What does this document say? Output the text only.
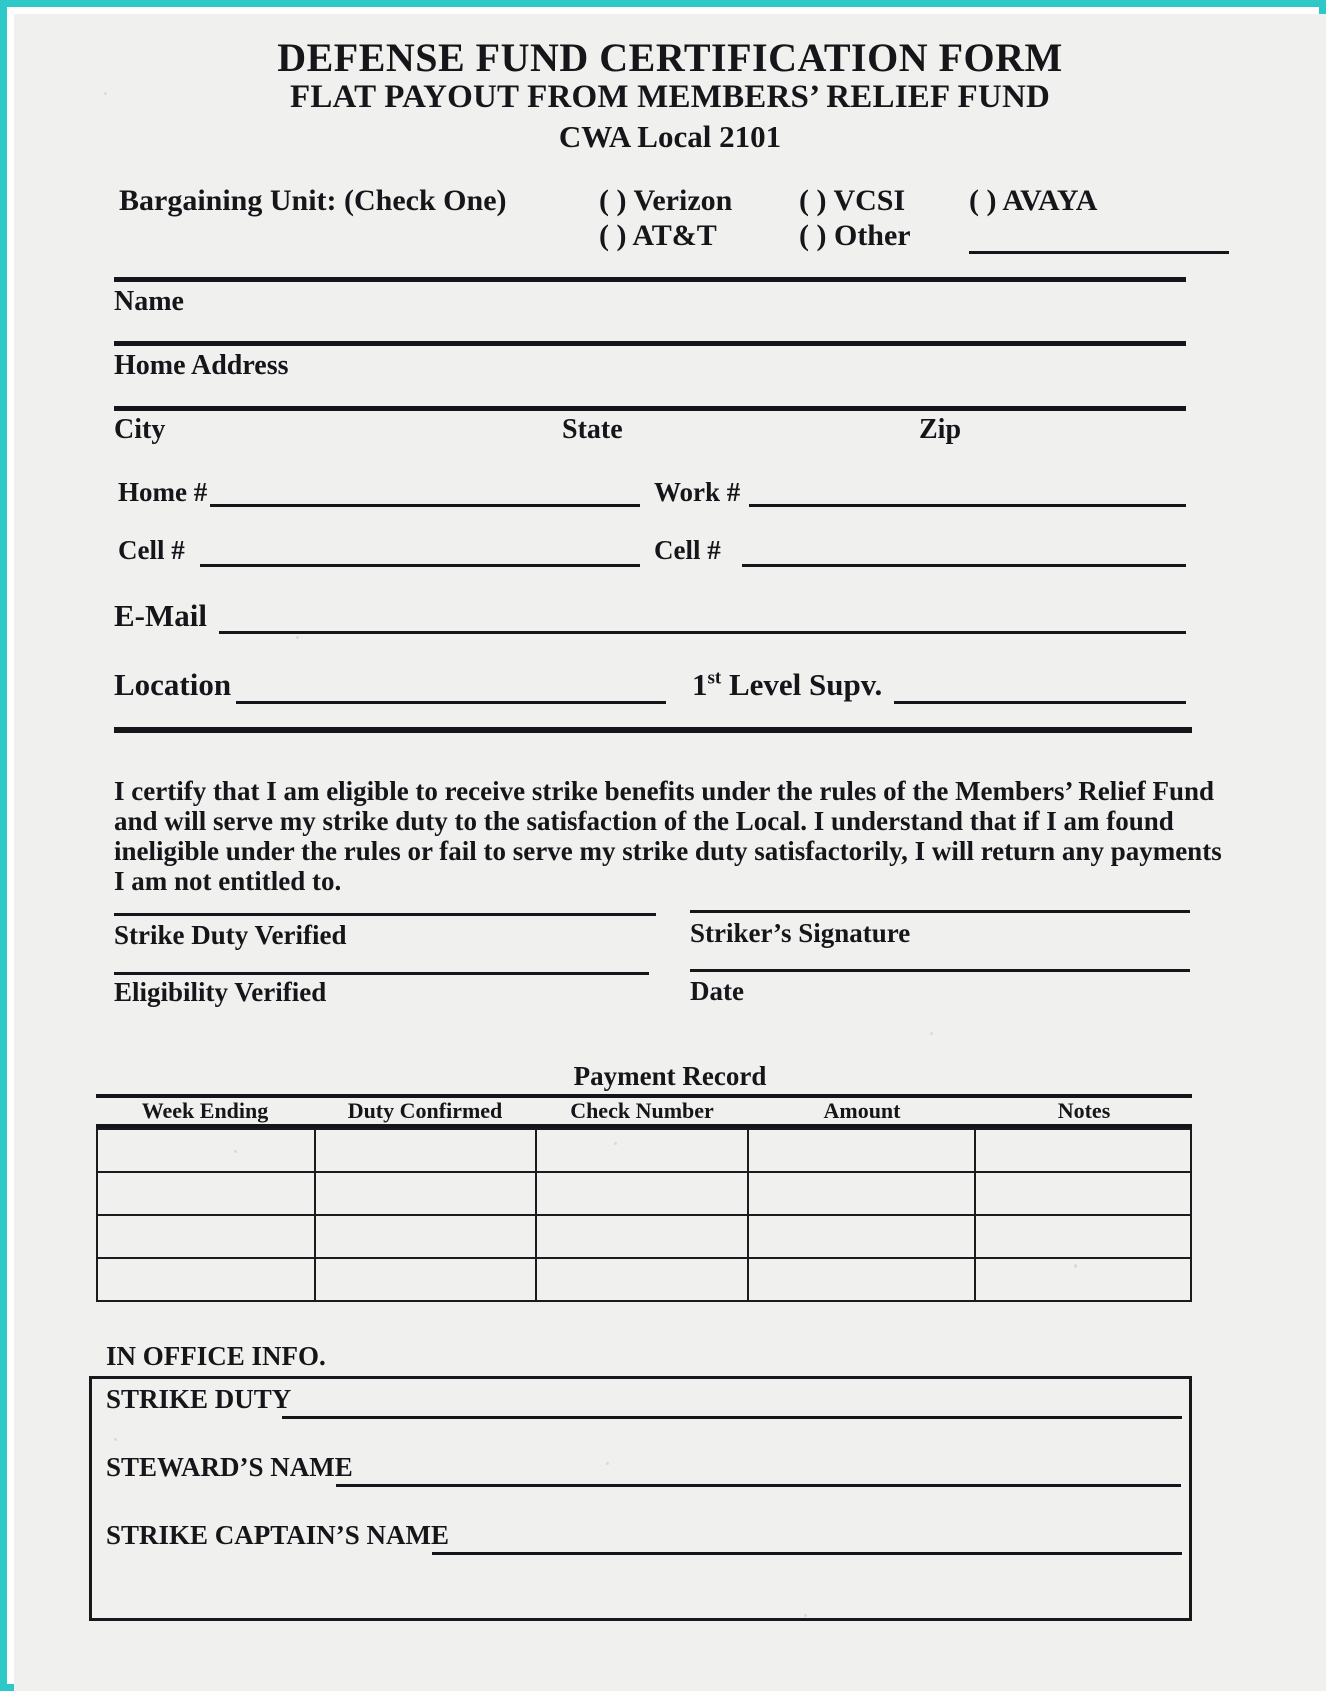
DEFENSE FUND CERTIFICATION FORM
FLAT PAYOUT FROM MEMBERS’ RELIEF FUND
CWA Local 2101
Bargaining Unit: (Check One)	( ) Verizon ( ) VCSI ( ) AVAYA
( ) AT&T	( ) Other
Name
Home Address
City	State	Zip
Home #	Work #
Cell #	Cell #
E-Mail
Location	1st Level Supv.
I certify that I am eligible to receive strike benefits under the rules of the Members’ Relief Fund
and will serve my strike duty to the satisfaction of the Local. I understand that if I am found
ineligible under the rules or fail to serve my strike duty satisfactorily, I will return any payments
I am not entitled to.
Strike Duty Verified	Striker’s Signature
Eligibility Verified	Date
Payment Record
Week Ending	Duty Confirmed	Check Number	Amount	Notes

IN OFFICE INFO.
STRIKE DUTY
STEWARD’S NAME
STRIKE CAPTAIN’S NAME
